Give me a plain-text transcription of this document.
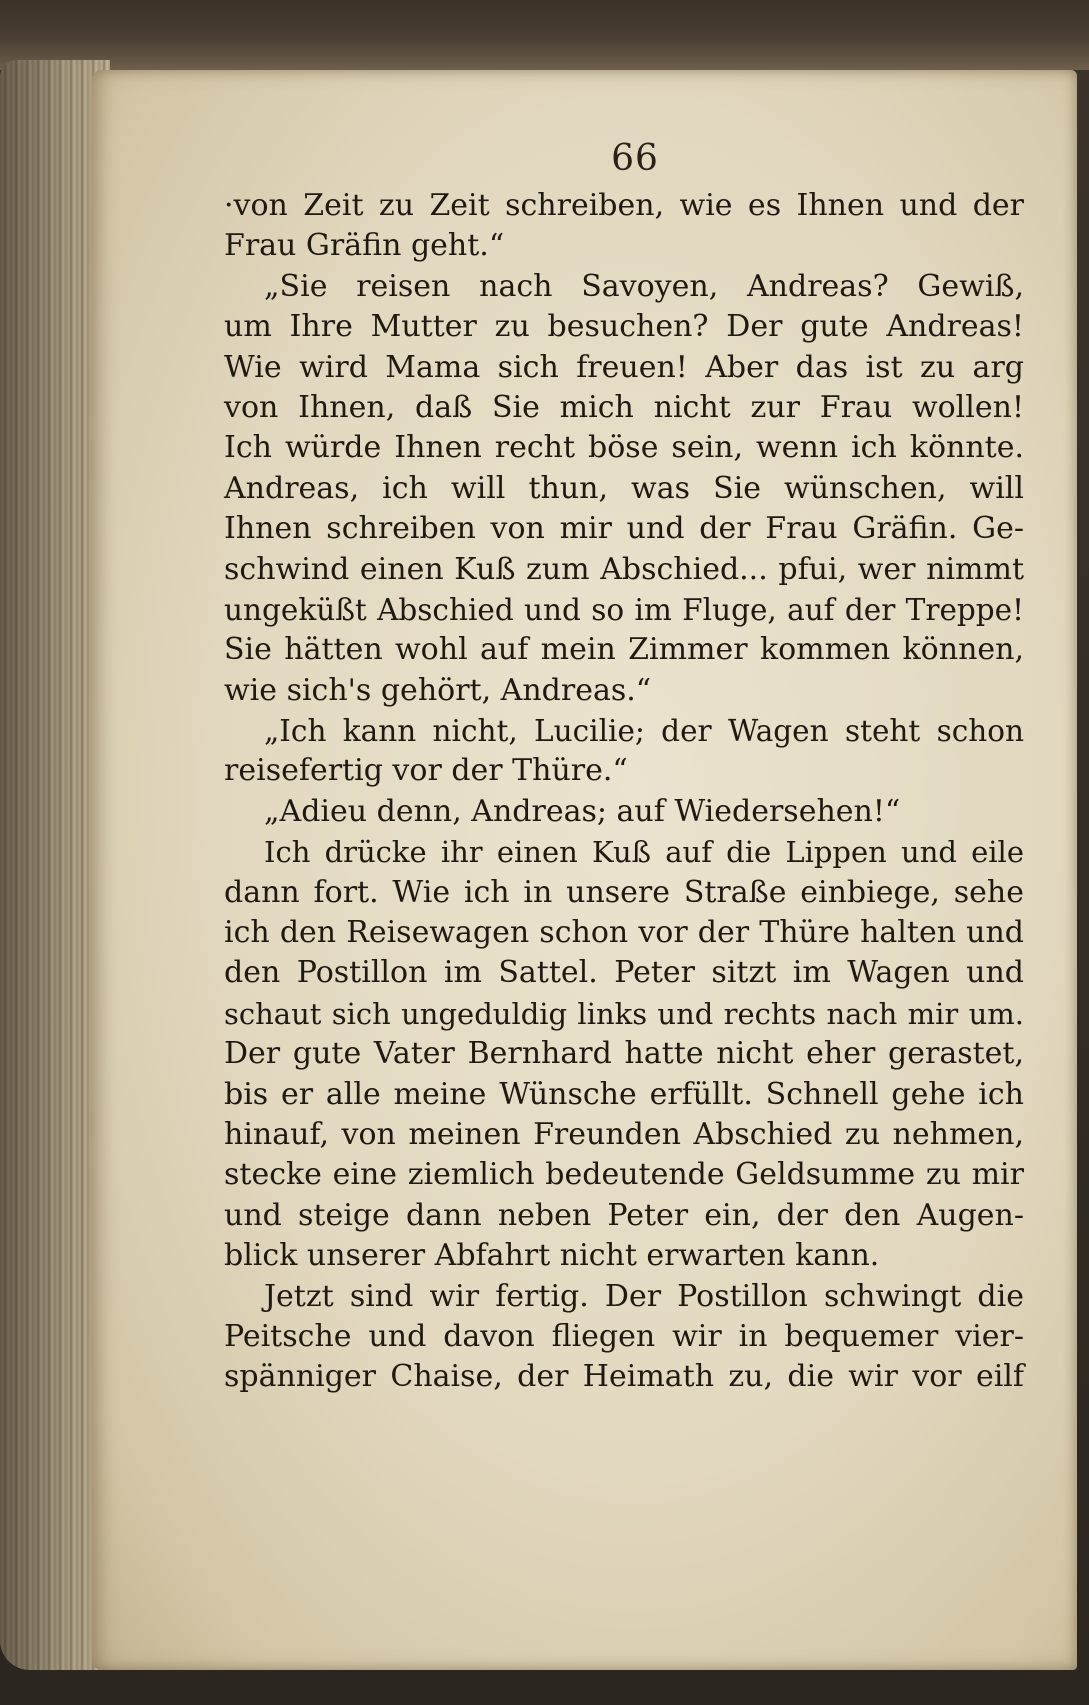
66
·von Zeit zu Zeit schreiben, wie es Ihnen und der
Frau Gräfin geht.“
„Sie reisen nach Savoyen, Andreas? Gewiß,
um Ihre Mutter zu besuchen? Der gute Andreas!
Wie wird Mama sich freuen! Aber das ist zu arg
von Ihnen, daß Sie mich nicht zur Frau wollen!
Ich würde Ihnen recht böse sein, wenn ich könnte.
Andreas, ich will thun, was Sie wünschen, will
Ihnen schreiben von mir und der Frau Gräfin. Ge-
schwind einen Kuß zum Abschied... pfui, wer nimmt
ungeküßt Abschied und so im Fluge, auf der Treppe!
Sie hätten wohl auf mein Zimmer kommen können,
wie sich's gehört, Andreas.“
„Ich kann nicht, Lucilie; der Wagen steht schon
reisefertig vor der Thüre.“
„Adieu denn, Andreas; auf Wiedersehen!“
Ich drücke ihr einen Kuß auf die Lippen und eile
dann fort. Wie ich in unsere Straße einbiege, sehe
ich den Reisewagen schon vor der Thüre halten und
den Postillon im Sattel. Peter sitzt im Wagen und
schaut sich ungeduldig links und rechts nach mir um.
Der gute Vater Bernhard hatte nicht eher gerastet,
bis er alle meine Wünsche erfüllt. Schnell gehe ich
hinauf, von meinen Freunden Abschied zu nehmen,
stecke eine ziemlich bedeutende Geldsumme zu mir
und steige dann neben Peter ein, der den Augen-
blick unserer Abfahrt nicht erwarten kann.
Jetzt sind wir fertig. Der Postillon schwingt die
Peitsche und davon fliegen wir in bequemer vier-
spänniger Chaise, der Heimath zu, die wir vor eilf
